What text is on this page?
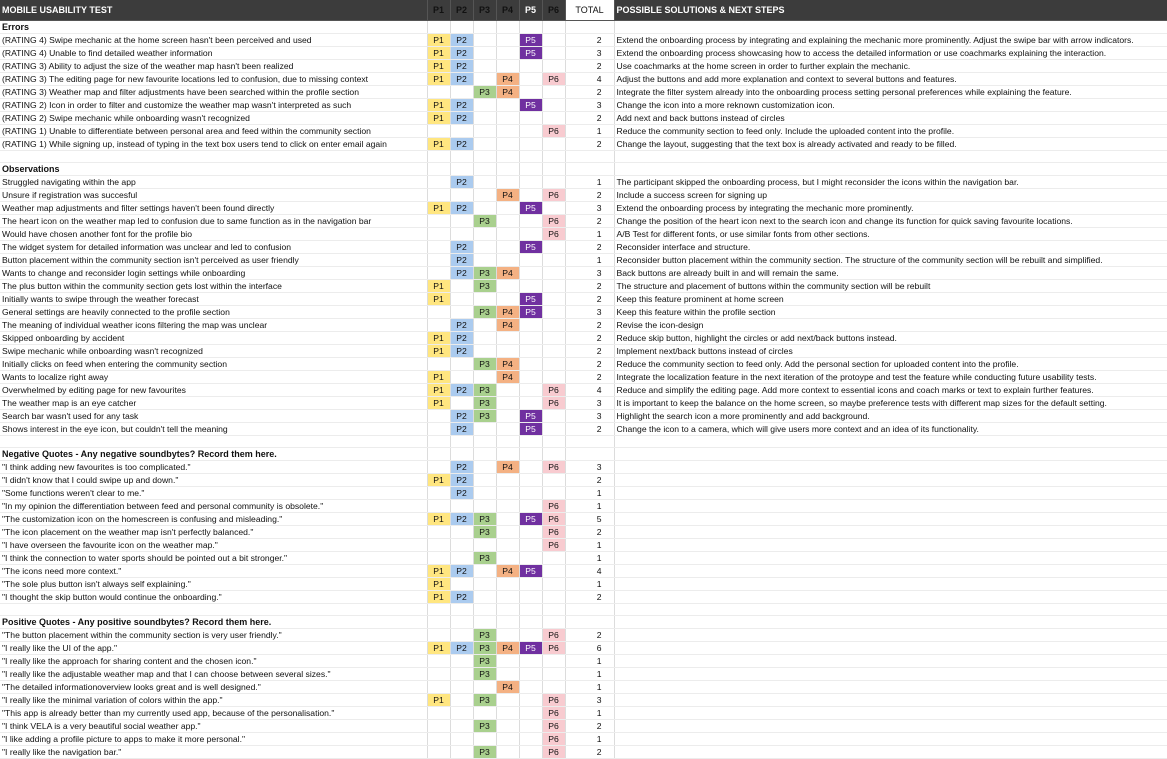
MOBILE USABILITY TEST	P1	P2	P3	P4	P5	P6	TOTAL	POSSIBLE SOLUTIONS & NEXT STEPS
Errors								
(RATING 4) Swipe mechanic at the home screen hasn't been perceived and used	P1	P2			P5		2	Extend the onboarding process by integrating and explaining the mechanic more prominently. Adjust the swipe bar with arrow indicators.
(RATING 4) Unable to find detailed weather information	P1	P2			P5		3	Extend the onboarding process showcasing how to access the detailed information or use coachmarks explaining the interaction.
(RATING 3) Ability to adjust the size of the weather map hasn't been realized	P1	P2					2	Use coachmarks at the home screen in order to further explain the mechanic.
(RATING 3) The editing page for new favourite locations led to confusion, due to missing context	P1	P2		P4		P6	4	Adjust the buttons and add more explanation and context to several buttons and features.
(RATING 3) Weather map and filter adjustments have been searched within the profile section			P3	P4			2	Integrate the filter system already into the onboarding process setting personal preferences while explaining the feature.
(RATING 2) Icon in order to filter and customize the weather map wasn't interpreted as such	P1	P2			P5		3	Change the icon into a more reknown customization icon.
(RATING 2) Swipe mechanic while onboarding wasn't recognized	P1	P2					2	Add next and back buttons instead of circles
(RATING 1) Unable to differentiate between personal area and feed within the community section						P6	1	Reduce the community section to feed only. Include the uploaded content into the profile.
(RATING 1) While signing up, instead of typing in the text box users tend to click on enter email again	P1	P2					2	Change the layout, suggesting that the text box is already activated and ready to be filled.

Observations								
Struggled navigating within the app		P2					1	The participant skipped the onboarding process, but I might reconsider the icons within the navigation bar.
Unsure if registration was succesful				P4		P6	2	Include a success screen for signing up
Weather map adjustments and filter settings haven't been found directly	P1	P2			P5		3	Extend the onboarding process by integrating the mechanic more prominently.
The heart icon on the weather map led to confusion due to same function as in the navigation bar			P3			P6	2	Change the position of the heart icon next to the search icon and change its function for quick saving favourite locations.
Would have chosen another font for the profile bio						P6	1	A/B Test for different fonts, or use similar fonts from other sections.
The widget system for detailed information was unclear and led to confusion		P2			P5		2	Reconsider interface and structure.
Button placement within the community section isn't perceived as user friendly		P2					1	Reconsider button placement within the community section. The structure of the community section will be rebuilt and simplified.
Wants to change and reconsider login settings while onboarding		P2	P3	P4			3	Back buttons are already built in and will remain the same.
The plus button within the community section gets lost within the interface	P1		P3				2	The structure and placement of buttons within the community section will be rebuilt
Initially wants to swipe through the weather forecast	P1				P5		2	Keep this feature prominent at home screen
General settings are heavily connected to the profile section			P3	P4	P5		3	Keep this feature within the profile section
The meaning of individual weather icons filtering the map was unclear		P2		P4			2	Revise the icon-design
Skipped onboarding by accident	P1	P2					2	Reduce skip button, highlight the circles or add next/back buttons instead.
Swipe mechanic while onboarding wasn't recognized	P1	P2					2	Implement next/back buttons instead of circles
Initially clicks on feed when entering the community section			P3	P4			2	Reduce the community section to feed only. Add the personal section for uploaded content into the profile.
Wants to localize right away	P1			P4			2	Integrate the localization feature in the next iteration of the protoype and test the feature while conducting future usability tests.
Overwhelmed by editing page for new favourites	P1	P2	P3			P6	4	Reduce and simplify the editing page. Add more context to essential icons and coach marks or text to explain further features.
The weather map is an eye catcher	P1		P3			P6	3	It is important to keep the balance on the home screen, so maybe preference tests with different map sizes for the default setting.
Search bar wasn't used for any task		P2	P3		P5		3	Highlight the search icon a more prominently and add background.
Shows interest in the eye icon, but couldn't tell the meaning		P2			P5		2	Change the icon to a camera, which will give users more context and an idea of its functionality.

Negative Quotes - Any negative soundbytes? Record them here.								
"I think adding new favourites is too complicated."		P2		P4		P6	3	
"I didn't know that I could swipe up and down."	P1	P2					2	
"Some functions weren't clear to me."		P2					1	
"In my opinion the differentiation between feed and personal community is obsolete."						P6	1	
"The customization icon on the homescreen is confusing and misleading."	P1	P2	P3		P5	P6	5	
"The icon placement on the weather map isn't perfectly balanced."			P3			P6	2	
"I have overseen the favourite icon on the weather map."						P6	1	
"I think the connection to water sports should be pointed out a bit stronger."			P3				1	
"The icons need more context."	P1	P2		P4	P5		4	
"The sole plus button isn't always self explaining."	P1						1	
"I thought the skip button would continue the onboarding."	P1	P2					2	

Positive Quotes - Any positive soundbytes? Record them here.								
"The button placement within the community section is very user friendly."			P3			P6	2	
"I really like the UI of the app."	P1	P2	P3	P4	P5	P6	6	
"I really like the approach for sharing content and the chosen icon."			P3				1	
"I really like the adjustable weather map and that I can choose between several sizes."			P3				1	
"The detailed informationoverview looks great and is well designed."				P4			1	
"I really like the minimal variation of colors within the app."	P1		P3			P6	3	
"This app is already better than my currently used app, because of the personalisation."						P6	1	
"I think VELA is a very beautiful social weather app."			P3			P6	2	
"I like adding a profile picture to apps to make it more personal."						P6	1	
"I really like the navigation bar."			P3			P6	2	
